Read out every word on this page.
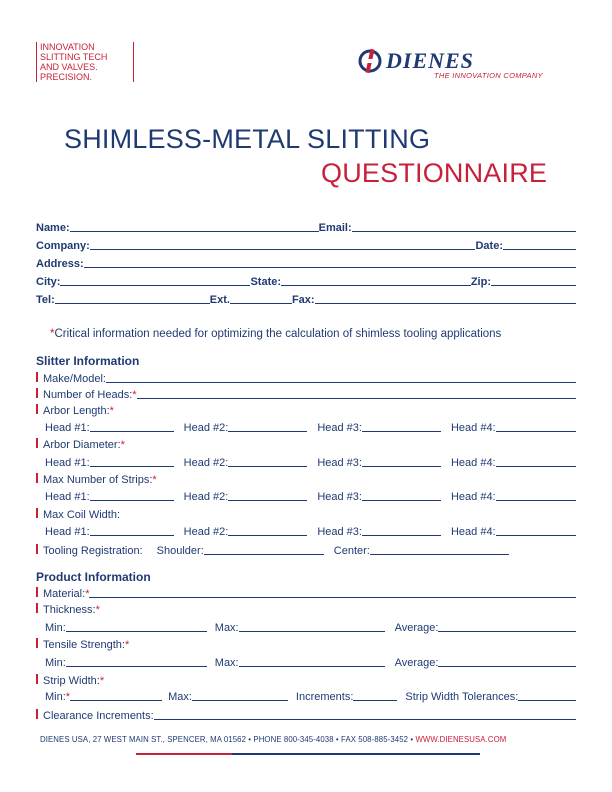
INNOVATION
SLITTING TECH
AND VALVES.
PRECISION.
DIENES
THE INNOVATION COMPANY
SHIMLESS-METAL SLITTING
QUESTIONNAIRE
Name:	Email:
Company:	Date:
Address:
City:	State:	Zip:
Tel:	Ext.	Fax:
*Critical information needed for optimizing the calculation of shimless tooling applications
Slitter Information
Make/Model:
Number of Heads: *
Arbor Length: *
Head #1:	Head #2:	Head #3:	Head #4:
Arbor Diameter: *
Head #1:	Head #2:	Head #3:	Head #4:
Max Number of Strips: *
Head #1:	Head #2:	Head #3:	Head #4:
Max Coil Width:
Head #1:	Head #2:	Head #3:	Head #4:
Tooling Registration: Shoulder:	Center:
Product Information
Material: *
Thickness: *
Min:	Max:	Average:
Tensile Strength: *
Min:	Max:	Average:
Strip Width: *
Min: *	Max:	Increments:	Strip Width Tolerances:
Clearance Increments:
DIENES USA, 27 WEST MAIN ST., SPENCER, MA 01562 • PHONE 800-345-4038 • FAX 508-885-3452 • WWW.DIENESUSA.COM
